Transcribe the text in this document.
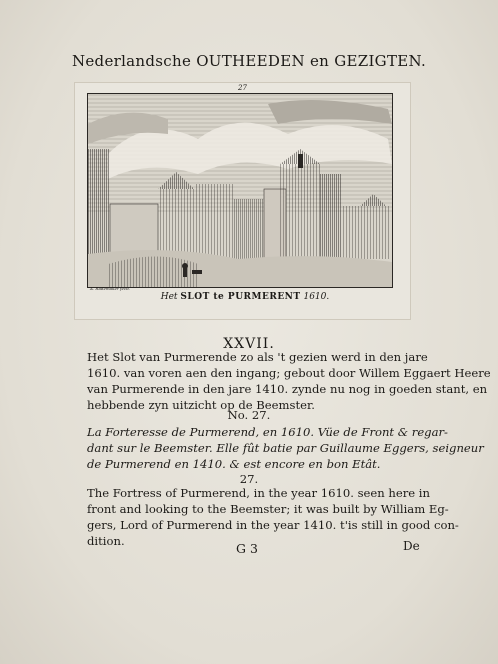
Nederlandsche OUTHEEDEN en GEZIGTEN.
27
A. Rademaker fecit.
Het SLOT te PURMERENT 1610.
XXVII.
Het Slot van Purmerende zo als 't gezien werd in den jare
1610. van voren aen den ingang; gebout door Willem Eggaert Heere
van Purmerende in den jare 1410. zynde nu nog in goeden stant, en
hebbende zyn uitzicht op de Beemster.
No. 27.
La Forteresse de Purmerend, en 1610. Vüe de Front & regar-
dant sur le Beemster. Elle fût batie par Guillaume Eggers, seigneur
de Purmerend en 1410. & est encore en bon Etât.
27.
The Fortress of Purmerend, in the year 1610. seen here in
front and looking to the Beemster; it was built by William Eg-
gers, Lord of Purmerend in the year 1410. t'is still in good con-
dition.	G 3	De
